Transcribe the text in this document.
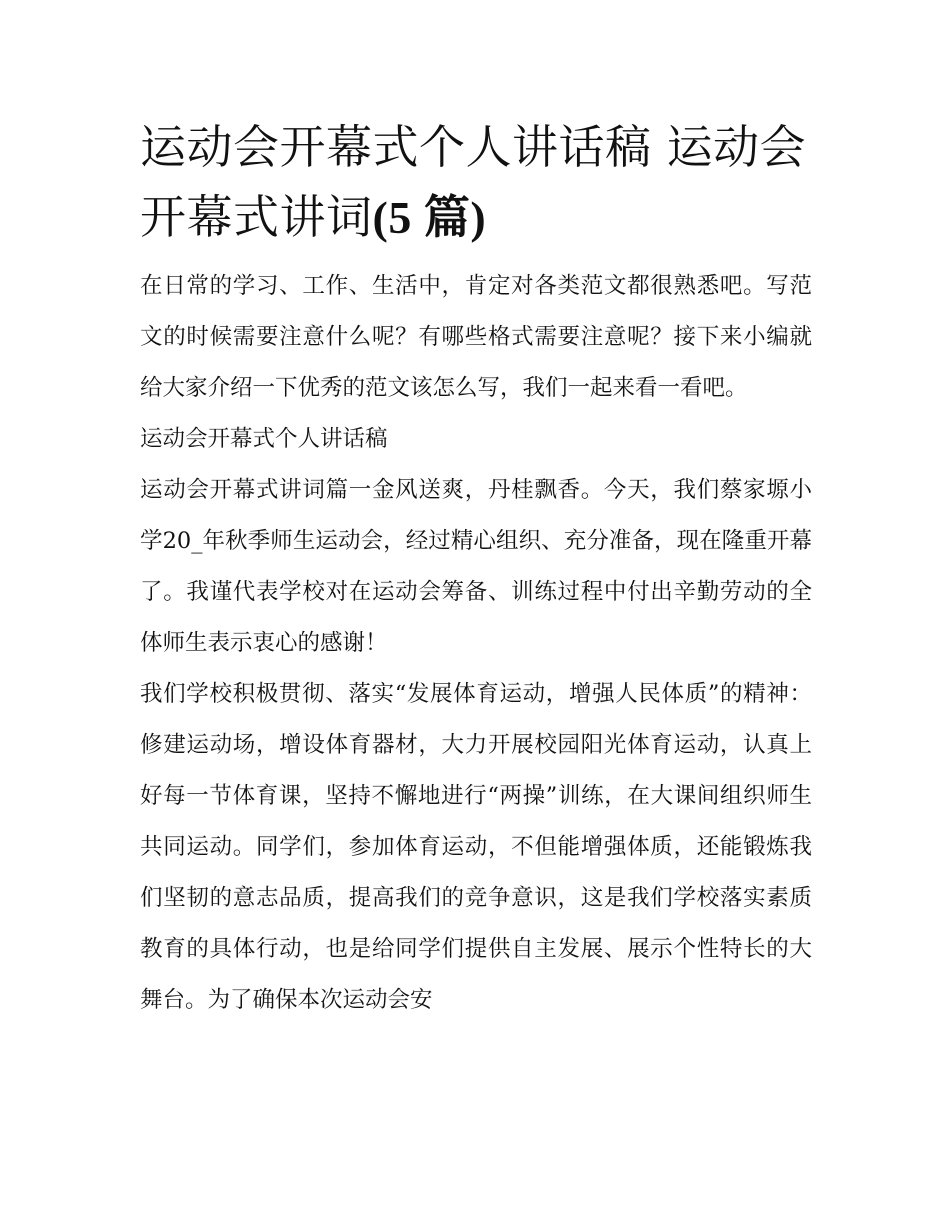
运动会开幕式个人讲话稿 运动会开幕式讲词(5 篇)

在日常的学习、工作、生活中，肯定对各类范文都很熟悉吧。写范文的时候需要注意什么呢？有哪些格式需要注意呢？接下来小编就给大家介绍一下优秀的范文该怎么写，我们一起来看一看吧。

运动会开幕式个人讲话稿

运动会开幕式讲词篇一金风送爽，丹桂飘香。今天，我们蔡家塬小学20_年秋季师生运动会，经过精心组织、充分准备，现在隆重开幕了。我谨代表学校对在运动会筹备、训练过程中付出辛勤劳动的全体师生表示衷心的感谢！

我们学校积极贯彻、落实“发展体育运动，增强人民体质”的精神：修建运动场，增设体育器材，大力开展校园阳光体育运动，认真上好每一节体育课，坚持不懈地进行“两操”训练，在大课间组织师生共同运动。同学们，参加体育运动，不但能增强体质，还能锻炼我们坚韧的意志品质，提高我们的竞争意识，这是我们学校落实素质教育的具体行动，也是给同学们提供自主发展、展示个性特长的大舞台。为了确保本次运动会安
